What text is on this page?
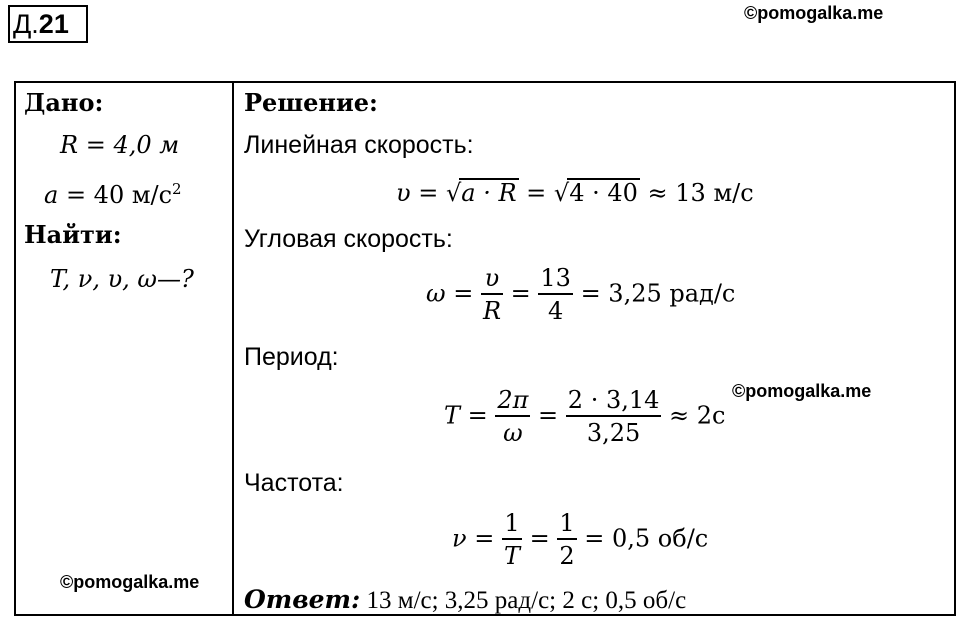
Д.21	©pomogalka.me
Дано:
R = 4,0 м
a = 40 $м/с^2$
Найти:
T, ν, υ, ω—?
Решение:
Линейная скорость:
υ = √a · R = √4 · 40 ≈ 13 м/с
Угловая скорость:
$\omega = \frac{\upsilon}{R} = \frac{13}{4} = 3,25$ рад/с
Период:
©pomogalka.me
$T = \frac{2\pi}{\omega} = \frac{2 \cdot 3,14}{3,25} \approx 2с$
Частота:
$\nu = \frac{1}{T} = \frac{1}{2} = 0,5$ об/с
©pomogalka.me
Ответ: 13 м/с; 3,25 рад/с; 2 с; 0,5 об/с
